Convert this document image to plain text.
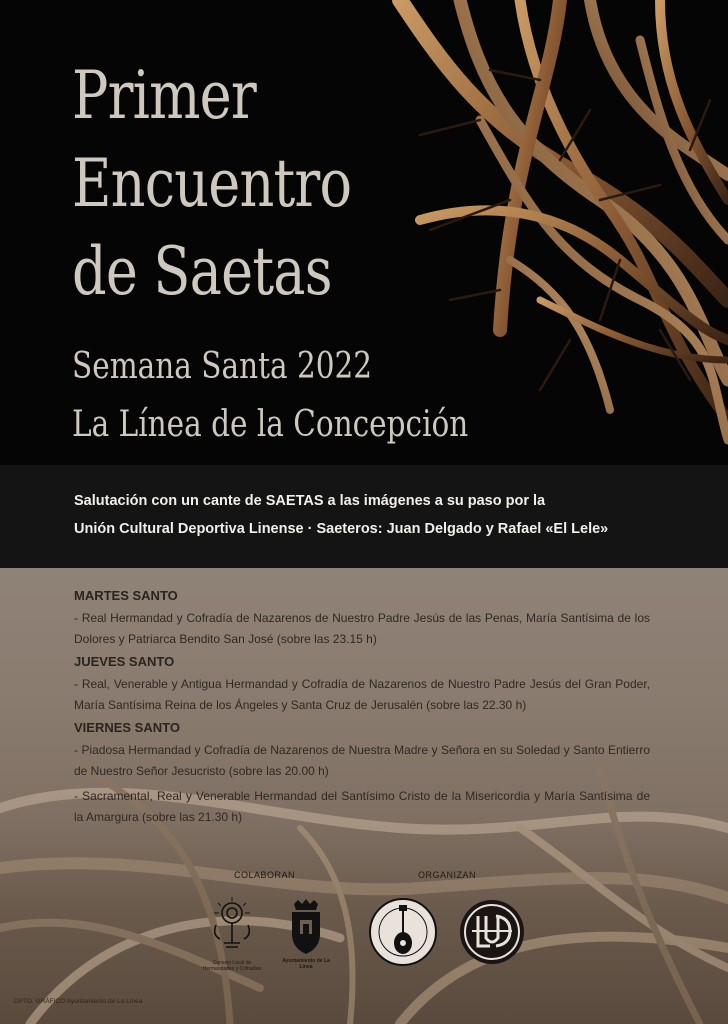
Primer
Encuentro
de Saetas
Semana Santa 2022
La Línea de la Concepción

Salutación con un cante de SAETAS a las imágenes a su paso por la
Unión Cultural Deportiva Linense · Saeteros: Juan Delgado y Rafael «El Lele»

MARTES SANTO

- Real Hermandad y Cofradía de Nazarenos de Nuestro Padre Jesús de las Penas, María Santísima de los Dolores y Patriarca Bendito San José (sobre las 23.15 h)

JUEVES SANTO

- Real, Venerable y Antigua Hermandad y Cofradía de Nazarenos de Nuestro Padre Jesús del Gran Poder, María Santísima Reina de los Ángeles y Santa Cruz de Jerusalén (sobre las 22.30 h)

VIERNES SANTO

- Piadosa Hermandad y Cofradía de Nazarenos de Nuestra Madre y Señora en su Soledad y Santo Entierro de Nuestro Señor Jesucristo (sobre las 20.00 h)

- Sacramental, Real y Venerable Hermandad del Santísimo Cristo de la Misericordia y María Santísima de la Amargura (sobre las 21.30 h)

COLABORAN	ORGANIZAN
Consejo Local de Hermandades y Cofradías
Ayuntamiento de La Línea
DPTO. GRÁFICO Ayuntamiento de La Línea
